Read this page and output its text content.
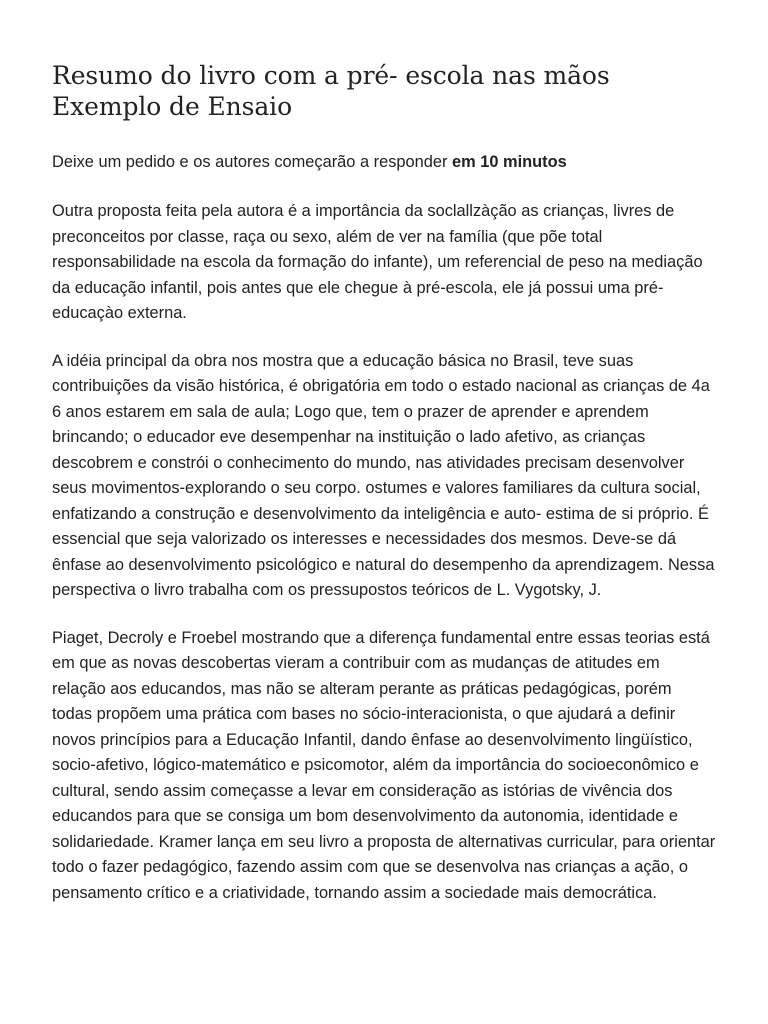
Resumo do livro com a pré- escola nas mãos
Exemplo de Ensaio

Deixe um pedido e os autores começarão a responder em 10 minutos

Outra proposta feita pela autora é a importância da soclallzàção as crianças, livres de preconceitos por classe, raça ou sexo, além de ver na família (que põe total responsabilidade na escola da formação do infante), um referencial de peso na mediação da educação infantil, pois antes que ele chegue à pré-escola, ele já possui uma pré-educaçào externa.

A idéia principal da obra nos mostra que a educação básica no Brasil, teve suas contribuições da visão histórica, é obrigatória em todo o estado nacional as crianças de 4a 6 anos estarem em sala de aula; Logo que, tem o prazer de aprender e aprendem brincando; o educador eve desempenhar na instituição o lado afetivo, as crianças descobrem e constrói o conhecimento do mundo, nas atividades precisam desenvolver seus movimentos-explorando o seu corpo. ostumes e valores familiares da cultura social, enfatizando a construção e desenvolvimento da inteligência e auto- estima de si próprio. É essencial que seja valorizado os interesses e necessidades dos mesmos. Deve-se dá ênfase ao desenvolvimento psicológico e natural do desempenho da aprendizagem. Nessa perspectiva o livro trabalha com os pressupostos teóricos de L. Vygotsky, J.

Piaget, Decroly e Froebel mostrando que a diferença fundamental entre essas teorias está em que as novas descobertas vieram a contribuir com as mudanças de atitudes em relação aos educandos, mas não se alteram perante as práticas pedagógicas, porém todas propõem uma prática com bases no sócio-interacionista, o que ajudará a definir novos princípios para a Educação Infantil, dando ênfase ao desenvolvimento lingüístico, socio-afetivo, lógico-matemático e psicomotor, além da importância do socioeconômico e cultural, sendo assim começasse a levar em consideração as istórias de vivência dos educandos para que se consiga um bom desenvolvimento da autonomia, identidade e solidariedade. Kramer lança em seu livro a proposta de alternativas curricular, para orientar todo o fazer pedagógico, fazendo assim com que se desenvolva nas crianças a ação, o pensamento crítico e a criatividade, tornando assim a sociedade mais democrática.
